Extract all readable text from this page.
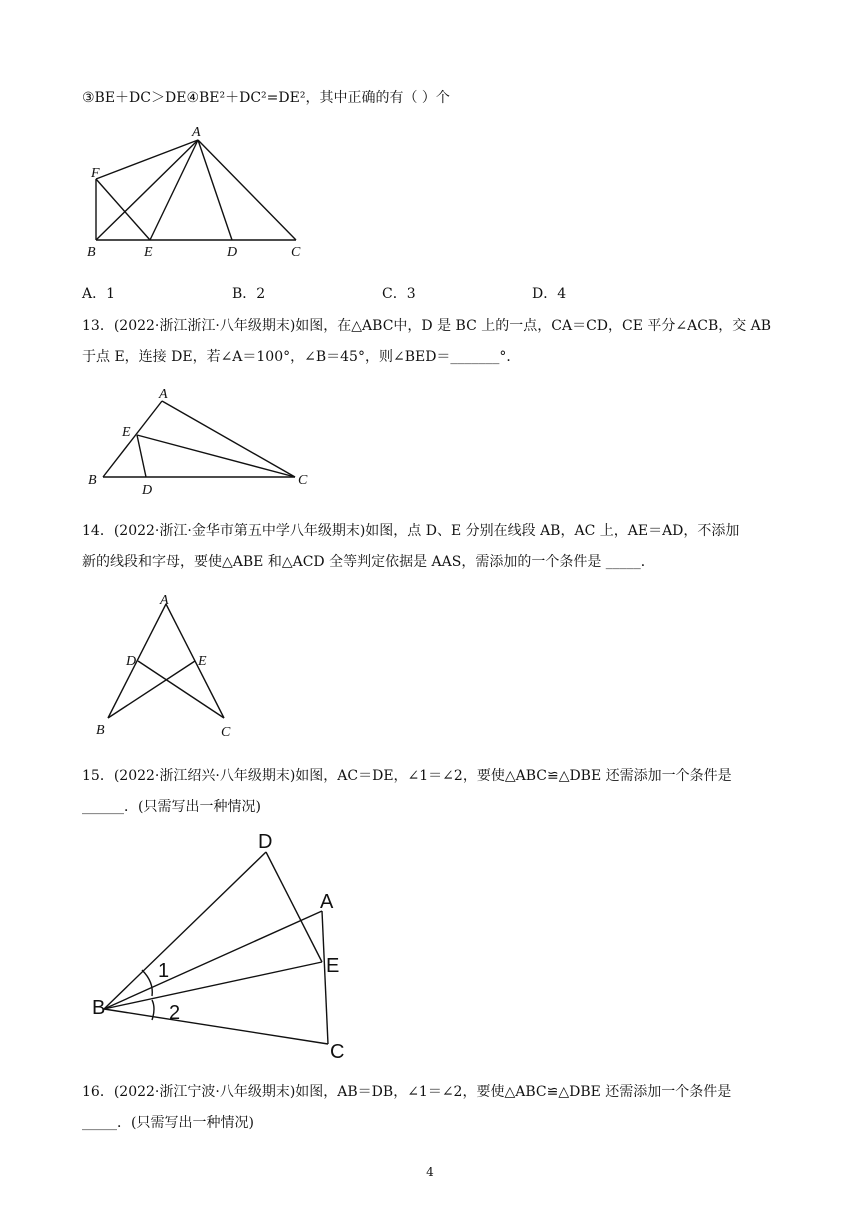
③BE＋DC＞DE④BE²＋DC²=DE²，其中正确的有（ ）个
A
F
B	E	D	C
A．1	B．2	C．3	D．4
13．(2022·浙江浙江·八年级期末)如图，在△ABC中，D 是 BC 上的一点，CA＝CD，CE 平分∠ACB，交 AB
于点 E，连接 DE，若∠A＝100°，∠B＝45°，则∠BED＝_______°．
A
E
B
D
C
14．(2022·浙江·金华市第五中学八年级期末)如图，点 D、E 分别在线段 AB，AC 上，AE＝AD，不添加
新的线段和字母，要使△ABE 和△ACD 全等判定依据是 AAS，需添加的一个条件是 _____．
A
D	E
B	C
15．(2022·浙江绍兴·八年级期末)如图，AC＝DE，∠1＝∠2，要使△ABC≌△DBE 还需添加一个条件是
______．(只需写出一种情况)
D
A
E
B
C
1
2
16．(2022·浙江宁波·八年级期末)如图，AB＝DB，∠1＝∠2，要使△ABC≌△DBE 还需添加一个条件是
_____．(只需写出一种情况)
4
